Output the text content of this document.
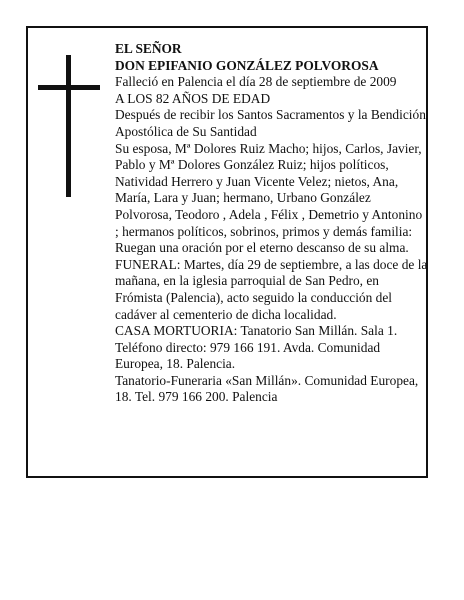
EL SEÑOR
DON EPIFANIO GONZÁLEZ POLVOROSA
Falleció en Palencia el día 28 de septiembre de 2009
A LOS 82 AÑOS DE EDAD
Después de recibir los Santos Sacramentos y la Bendición Apostólica de Su Santidad
Su esposa, Mª Dolores Ruiz Macho; hijos, Carlos, Javier, Pablo y Mª Dolores González Ruiz; hijos políticos, Natividad Herrero y Juan Vicente Velez; nietos, Ana, María, Lara y Juan; hermano, Urbano González Polvorosa, Teodoro , Adela , Félix , Demetrio y Antonino ; hermanos políticos, sobrinos, primos y demás familia:
Ruegan una oración por el eterno descanso de su alma.
FUNERAL: Martes, día 29 de septiembre, a las doce de la mañana, en la iglesia parroquial de San Pedro, en Frómista (Palencia), acto seguido la conducción del cadáver al cementerio de dicha localidad.
CASA MORTUORIA: Tanatorio San Millán. Sala 1. Teléfono directo: 979 166 191. Avda. Comunidad Europea, 18. Palencia.
Tanatorio-Funeraria «San Millán». Comunidad Europea, 18. Tel. 979 166 200. Palencia
